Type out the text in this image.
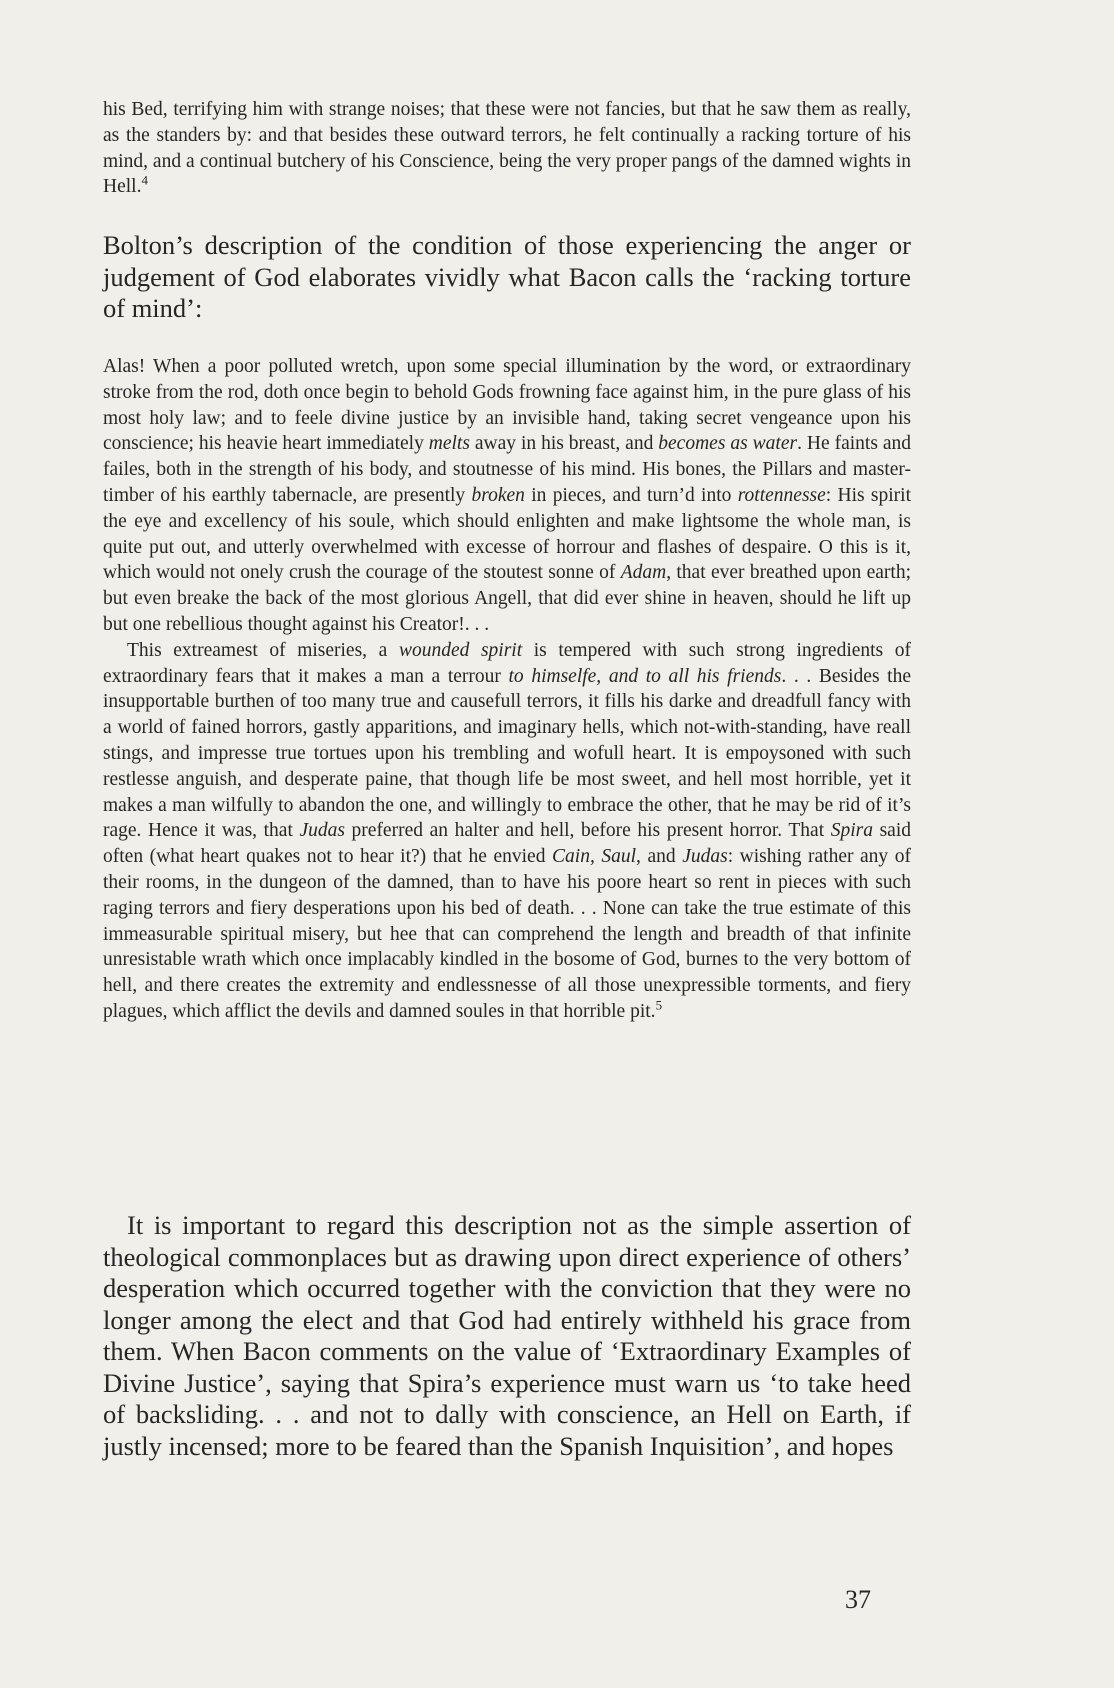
his Bed, terrifying him with strange noises; that these were not fancies, but that he saw them as really, as the standers by: and that besides these outward terrors, he felt continually a racking torture of his mind, and a continual butchery of his Conscience, being the very proper pangs of the damned wights in Hell.$^4$
Bolton’s description of the condition of those experiencing the anger or judgement of God elaborates vividly what Bacon calls the ‘racking torture of mind’:
Alas! When a poor polluted wretch, upon some special illumination by the word, or extraordinary stroke from the rod, doth once begin to behold Gods frowning face against him, in the pure glass of his most holy law; and to feele divine justice by an invisible hand, taking secret vengeance upon his conscience; his heavie heart immediately melts away in his breast, and becomes as water. He faints and failes, both in the strength of his body, and stoutnesse of his mind. His bones, the Pillars and master-timber of his earthly tabernacle, are presently broken in pieces, and turn’d into rottennesse: His spirit the eye and excellency of his soule, which should enlighten and make lightsome the whole man, is quite put out, and utterly overwhelmed with excesse of horrour and flashes of despaire. O this is it, which would not onely crush the courage of the stoutest sonne of Adam, that ever breathed upon earth; but even breake the back of the most glorious Angell, that did ever shine in heaven, should he lift up but one rebellious thought against his Creator!. . .
This extreamest of miseries, a wounded spirit is tempered with such strong ingredients of extraordinary fears that it makes a man a terrour to himselfe, and to all his friends. . . Besides the insupportable burthen of too many true and causefull terrors, it fills his darke and dreadfull fancy with a world of fained horrors, gastly apparitions, and imaginary hells, which not-with-standing, have reall stings, and impresse true tortues upon his trembling and wofull heart. It is empoysoned with such restlesse anguish, and desperate paine, that though life be most sweet, and hell most horrible, yet it makes a man wilfully to abandon the one, and willingly to embrace the other, that he may be rid of it’s rage. Hence it was, that Judas preferred an halter and hell, before his present horror. That Spira said often (what heart quakes not to hear it?) that he envied Cain, Saul, and Judas: wishing rather any of their rooms, in the dungeon of the damned, than to have his poore heart so rent in pieces with such raging terrors and fiery desperations upon his bed of death. . . None can take the true estimate of this immeasurable spiritual misery, but hee that can comprehend the length and breadth of that infinite unresistable wrath which once implacably kindled in the bosome of God, burnes to the very bottom of hell, and there creates the extremity and endlessnesse of all those unexpressible torments, and fiery plagues, which afflict the devils and damned soules in that horrible pit.$^5$
It is important to regard this description not as the simple assertion of theological commonplaces but as drawing upon direct experience of others’ desperation which occurred together with the conviction that they were no longer among the elect and that God had entirely withheld his grace from them. When Bacon comments on the value of ‘Extraordinary Examples of Divine Justice’, saying that Spira’s experience must warn us ‘to take heed of backsliding. . . and not to dally with conscience, an Hell on Earth, if justly incensed; more to be feared than the Spanish Inquisition’, and hopes
37
